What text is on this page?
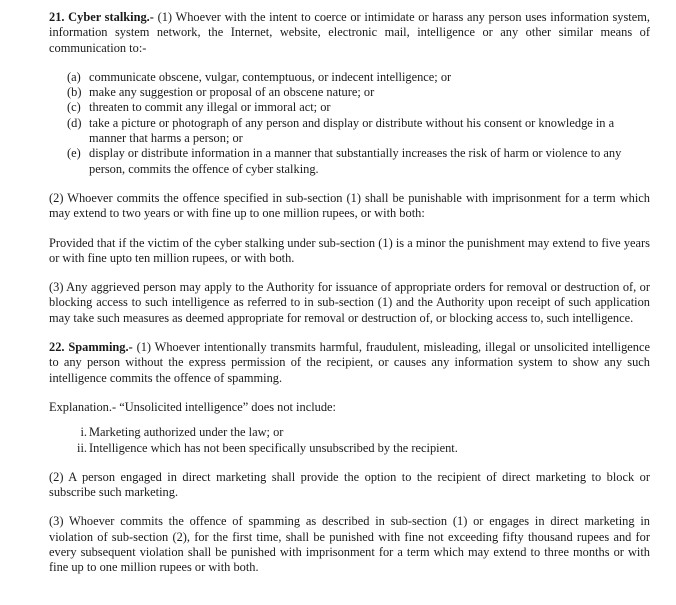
21. Cyber stalking.- (1) Whoever with the intent to coerce or intimidate or harass any person uses information system, information system network, the Internet, website, electronic mail, intelligence or any other similar means of communication to:-

(a) communicate obscene, vulgar, contemptuous, or indecent intelligence; or
(b) make any suggestion or proposal of an obscene nature; or
(c) threaten to commit any illegal or immoral act; or
(d) take a picture or photograph of any person and display or distribute without his consent or knowledge in a manner that harms a person; or
(e) display or distribute information in a manner that substantially increases the risk of harm or violence to any person, commits the offence of cyber stalking.

(2) Whoever commits the offence specified in sub-section (1) shall be punishable with imprisonment for a term which may extend to two years or with fine up to one million rupees, or with both:

Provided that if the victim of the cyber stalking under sub-section (1) is a minor the punishment may extend to five years or with fine upto ten million rupees, or with both.

(3) Any aggrieved person may apply to the Authority for issuance of appropriate orders for removal or destruction of, or blocking access to such intelligence as referred to in sub-section (1) and the Authority upon receipt of such application may take such measures as deemed appropriate for removal or destruction of, or blocking access to, such intelligence.

22. Spamming.- (1) Whoever intentionally transmits harmful, fraudulent, misleading, illegal or unsolicited intelligence to any person without the express permission of the recipient, or causes any information system to show any such intelligence commits the offence of spamming.

Explanation.- “Unsolicited intelligence” does not include:

i. Marketing authorized under the law; or
ii. Intelligence which has not been specifically unsubscribed by the recipient.

(2) A person engaged in direct marketing shall provide the option to the recipient of direct marketing to block or subscribe such marketing.

(3) Whoever commits the offence of spamming as described in sub-section (1) or engages in direct marketing in violation of sub-section (2), for the first time, shall be punished with fine not exceeding fifty thousand rupees and for every subsequent violation shall be punished with imprisonment for a term which may extend to three months or with fine up to one million rupees or with both.
